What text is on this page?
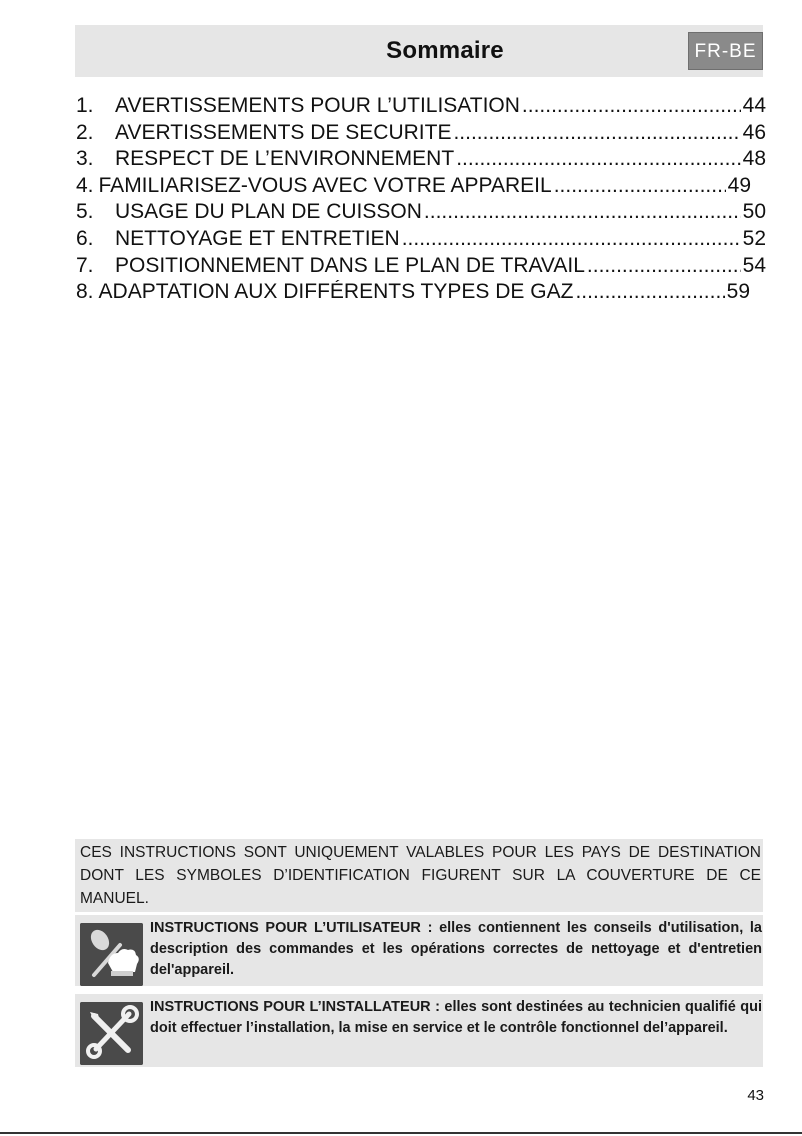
Sommaire	FR-BE
1.	AVERTISSEMENTS POUR L’UTILISATION .....	44
2.	AVERTISSEMENTS DE SECURITE .....	46
3.	RESPECT DE L’ENVIRONNEMENT .....	48
4. FAMILIARISEZ-VOUS AVEC VOTRE APPAREIL .....	49
5.	USAGE DU PLAN DE CUISSON .....	50
6.	NETTOYAGE ET ENTRETIEN .....	52
7.	POSITIONNEMENT DANS LE PLAN DE TRAVAIL .....	54
8. ADAPTATION AUX DIFFÉRENTS TYPES DE GAZ .....	59
CES INSTRUCTIONS SONT UNIQUEMENT VALABLES POUR LES PAYS DE DESTINATION DONT LES SYMBOLES D’IDENTIFICATION FIGURENT SUR LA COUVERTURE DE CE MANUEL.
INSTRUCTIONS POUR L’UTILISATEUR : elles contiennent les conseils d'utilisation, la description des commandes et les opérations correctes de nettoyage et d'entretien del'appareil.
INSTRUCTIONS POUR L’INSTALLATEUR : elles sont destinées au technicien qualifié qui doit effectuer l’installation, la mise en service et le contrôle fonctionnel del’appareil.
43
